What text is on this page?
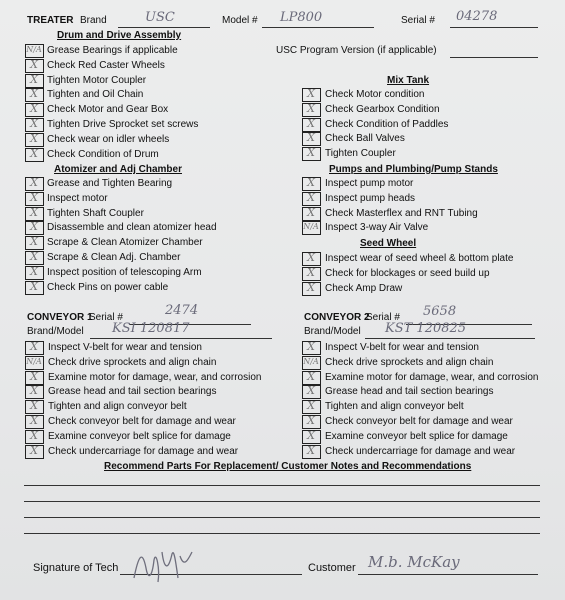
TREATER Brand	USC	Model # LP800	Serial # 04278
Drum and Drive Assembly
USC Program Version (if applicable)
Atomizer and Adj Chamber
Mix Tank
Pumps and Plumbing/Pump Stands
Seed Wheel
CONVEYOR 1
Serial #	2474
Brand/Model KSI 120817
CONVEYOR 2
Serial # 5658
Brand/Model KST 120825
Recommend Parts For Replacement/ Customer Notes and Recommendations
Signature of Tech	Customer M.b. McKay
N/A Grease Bearings if applicable
X Check Red Caster Wheels
X Tighten Motor Coupler
X Tighten and Oil Chain
X Check Motor and Gear Box
X Tighten Drive Sprocket set screws
X Check wear on idler wheels
X Check Condition of Drum
X Grease and Tighten Bearing
X Inspect motor
X Tighten Shaft Coupler
X Disassemble and clean atomizer head
X Scrape & Clean Atomizer Chamber
X Scrape & Clean Adj. Chamber
X Inspect position of telescoping Arm
X Check Pins on power cable
X	Check Motor condition
X	Check Gearbox Condition
X	Check Condition of Paddles
X	Check Ball Valves
X	Tighten Coupler
X	Inspect pump motor
X	Inspect pump heads
X	Check Masterflex and RNT Tubing
N/A Inspect 3-way Air Valve
X	Inspect wear of seed wheel & bottom plate
X	Check for blockages or seed build up
X	Check Amp Draw
X	Inspect V-belt for wear and tension
N/A Check drive sprockets and align chain
X	Examine motor for damage, wear, and corrosion
X	Grease head and tail section bearings
X	Tighten and align conveyor belt
X	Check conveyor belt for damage and wear
X	Examine conveyor belt splice for damage
X	Check undercarriage for damage and wear
X	Inspect V-belt for wear and tension
N/A Check drive sprockets and align chain
X	Examine motor for damage, wear, and corrosion
X	Grease head and tail section bearings
X	Tighten and align conveyor belt
X	Check conveyor belt for damage and wear
X	Examine conveyor belt splice for damage
X	Check undercarriage for damage and wear
